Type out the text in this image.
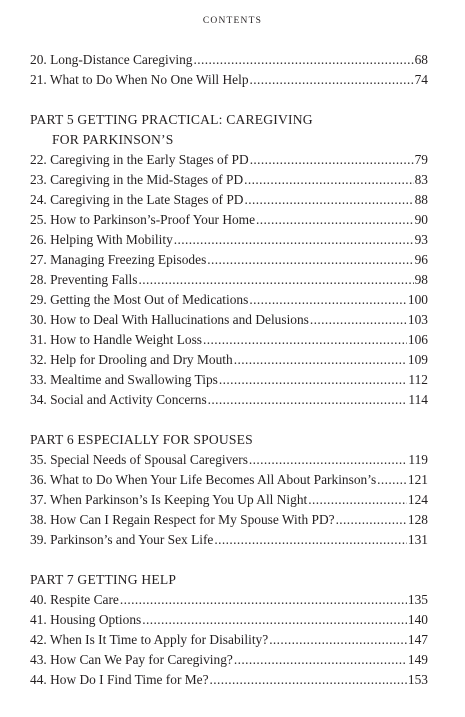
CONTENTS
20. Long-Distance Caregiving .....	68
21. What to Do When No One Will Help .....	74
PART 5 GETTING PRACTICAL: CAREGIVING
FOR PARKINSON’S
22. Caregiving in the Early Stages of PD .....	79
23. Caregiving in the Mid-Stages of PD .....	83
24. Caregiving in the Late Stages of PD .....	88
25. How to Parkinson’s-Proof Your Home .....	90
26. Helping With Mobility .....	93
27. Managing Freezing Episodes .....	96
28. Preventing Falls .....	98
29. Getting the Most Out of Medications .....	100
30. How to Deal With Hallucinations and Delusions .....	103
31. How to Handle Weight Loss .....	106
32. Help for Drooling and Dry Mouth .....	109
33. Mealtime and Swallowing Tips .....	112
34. Social and Activity Concerns .....	114
PART 6 ESPECIALLY FOR SPOUSES
35. Special Needs of Spousal Caregivers .....	119
36. What to Do When Your Life Becomes All About Parkinson’s ..... 121
37. When Parkinson’s Is Keeping You Up All Night .....	124
38. How Can I Regain Respect for My Spouse With PD? .....	128
39. Parkinson’s and Your Sex Life .....	131
PART 7 GETTING HELP
40. Respite Care .....	135
41. Housing Options .....	140
42. When Is It Time to Apply for Disability? .....	147
43. How Can We Pay for Caregiving? .....	149
44. How Do I Find Time for Me? .....	153
